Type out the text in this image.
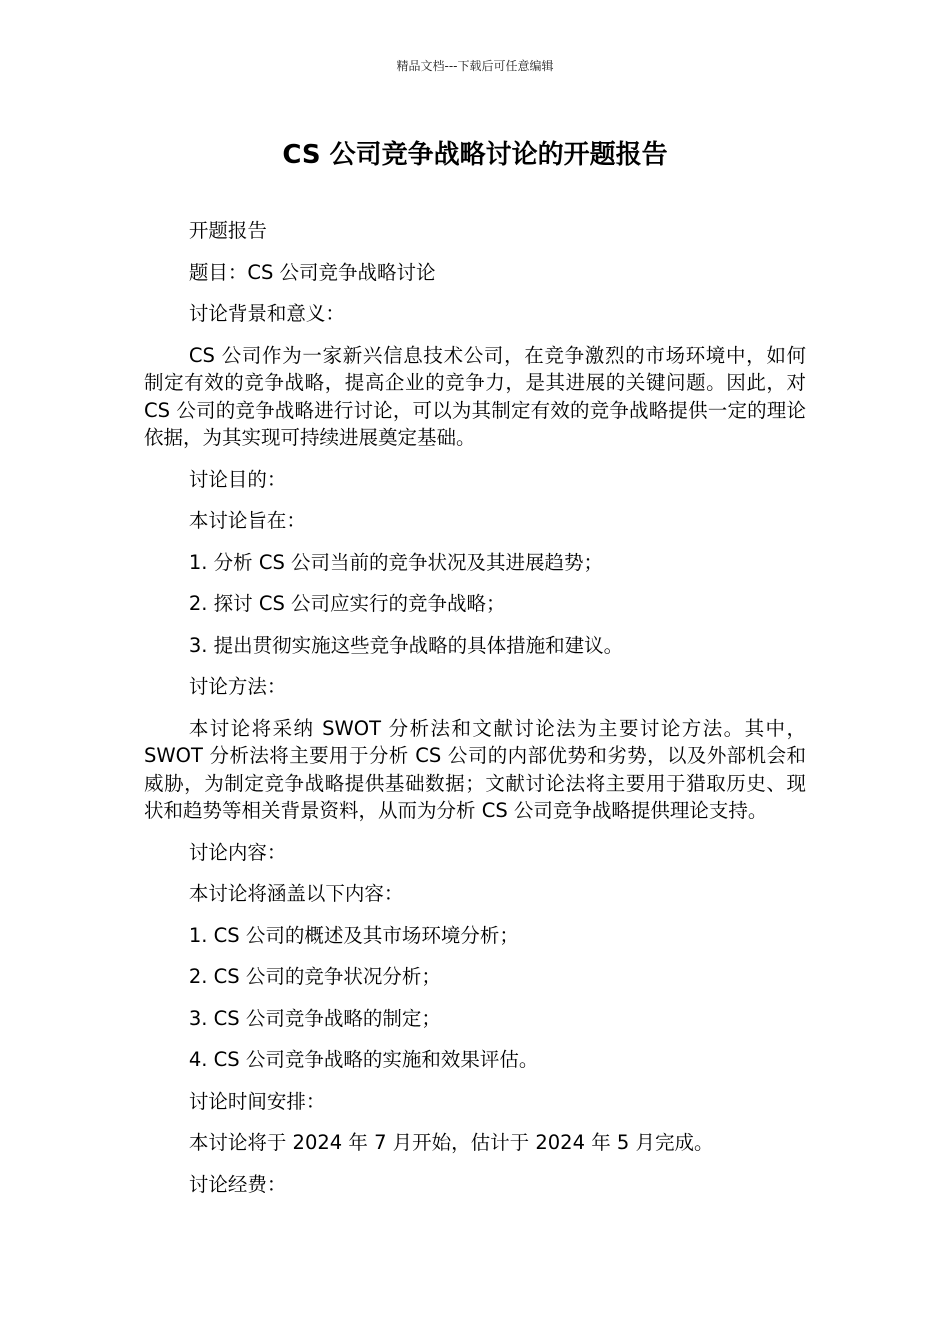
精品文档---下载后可任意编辑
CS 公司竞争战略讨论的开题报告

开题报告

题目：CS 公司竞争战略讨论

讨论背景和意义：

CS 公司作为一家新兴信息技术公司，在竞争激烈的市场环境中，如何制定有效的竞争战略，提高企业的竞争力，是其进展的关键问题。因此，对 CS 公司的竞争战略进行讨论，可以为其制定有效的竞争战略提供一定的理论依据，为其实现可持续进展奠定基础。

讨论目的：

本讨论旨在：

1. 分析 CS 公司当前的竞争状况及其进展趋势；

2. 探讨 CS 公司应实行的竞争战略；

3. 提出贯彻实施这些竞争战略的具体措施和建议。

讨论方法：

本讨论将采纳 SWOT 分析法和文献讨论法为主要讨论方法。其中，SWOT 分析法将主要用于分析 CS 公司的内部优势和劣势，以及外部机会和威胁，为制定竞争战略提供基础数据；文献讨论法将主要用于猎取历史、现状和趋势等相关背景资料，从而为分析 CS 公司竞争战略提供理论支持。

讨论内容：

本讨论将涵盖以下内容：

1. CS 公司的概述及其市场环境分析；

2. CS 公司的竞争状况分析；

3. CS 公司竞争战略的制定；

4. CS 公司竞争战略的实施和效果评估。

讨论时间安排：

本讨论将于 2024 年 7 月开始，估计于 2024 年 5 月完成。

讨论经费：
